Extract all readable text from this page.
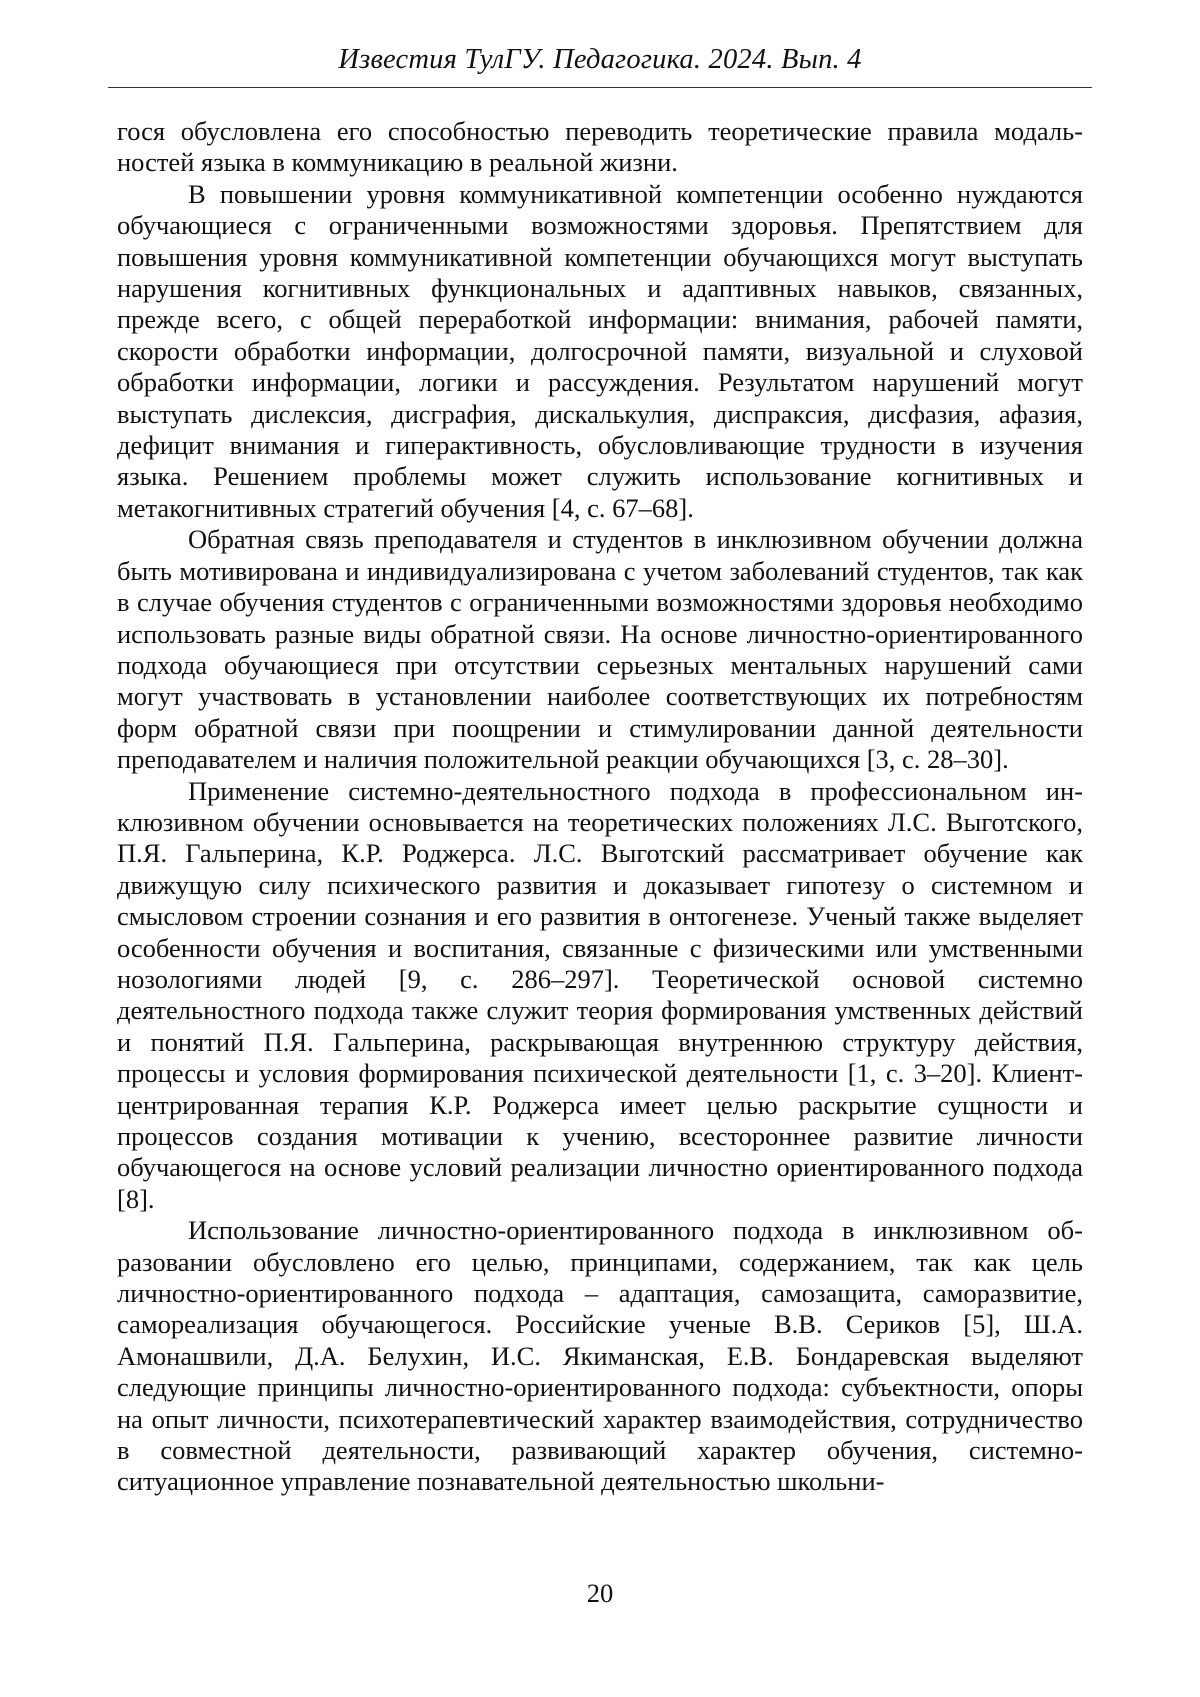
Известия ТулГУ. Педагогика. 2024. Вып. 4

гося обусловлена его способностью переводить теоретические правила модальностей языка в коммуникацию в реальной жизни.

В повышении уровня коммуникативной компетенции особенно нуждаются обучающиеся с ограниченными возможностями здоровья. Препятствием для повышения уровня коммуникативной компетенции обучающихся могут выступать нарушения когнитивных функциональных и адаптивных навыков, связанных, прежде всего, с общей переработкой информации: внимания, рабочей памяти, скорости обработки информации, долгосрочной памяти, визуальной и слуховой обработки информации, логики и рассуждения. Результатом нарушений могут выступать дислексия, дисграфия, дискалькулия, диспраксия, дисфазия, афазия, дефицит внимания и гиперактивность, обусловливающие трудности в изучения языка. Решением проблемы может служить использование когнитивных и метакогнитивных стратегий обучения [4, с. 67–68].

Обратная связь преподавателя и студентов в инклюзивном обучении должна быть мотивирована и индивидуализирована с учетом заболеваний студентов, так как в случае обучения студентов с ограниченными возможностями здоровья необходимо использовать разные виды обратной связи. На основе личностно-ориентированного подхода обучающиеся при отсутствии серьезных ментальных нарушений сами могут участвовать в установлении наиболее соответствующих их потребностям форм обратной связи при поощрении и стимулировании данной деятельности преподавателем и наличия положительной реакции обучающихся [3, с. 28–30].

Применение системно-деятельностного подхода в профессиональном инклюзивном обучении основывается на теоретических положениях Л.С. Выготского, П.Я. Гальперина, К.Р. Роджерса. Л.С. Выготский рассматривает обучение как движущую силу психического развития и доказывает гипотезу о системном и смысловом строении сознания и его развития в онтогенезе. Ученый также выделяет особенности обучения и воспитания, связанные с физическими или умственными нозологиями людей [9, с. 286–297]. Теоретической основой системно деятельностного подхода также служит теория формирования умственных действий и понятий П.Я. Гальперина, раскрывающая внутреннюю структуру действия, процессы и условия формирования психической деятельности [1, с. 3–20]. Клиент-центрированная терапия К.Р. Роджерса имеет целью раскрытие сущности и процессов создания мотивации к учению, всестороннее развитие личности обучающегося на основе условий реализации личностно ориентированного подхода [8].

Использование личностно-ориентированного подхода в инклюзивном образовании обусловлено его целью, принципами, содержанием, так как цель личностно-ориентированного подхода – адаптация, самозащита, саморазвитие, самореализация обучающегося. Российские ученые В.В. Сериков [5], Ш.А. Амонашвили, Д.А. Белухин, И.С. Якиманская, Е.В. Бондаревская выделяют следующие принципы личностно-ориентированного подхода: субъектности, опоры на опыт личности, психотерапевтический характер взаимодействия, сотрудничество в совместной деятельности, развивающий характер обучения, системно-ситуационное управление познавательной деятельностью школьни-

20
